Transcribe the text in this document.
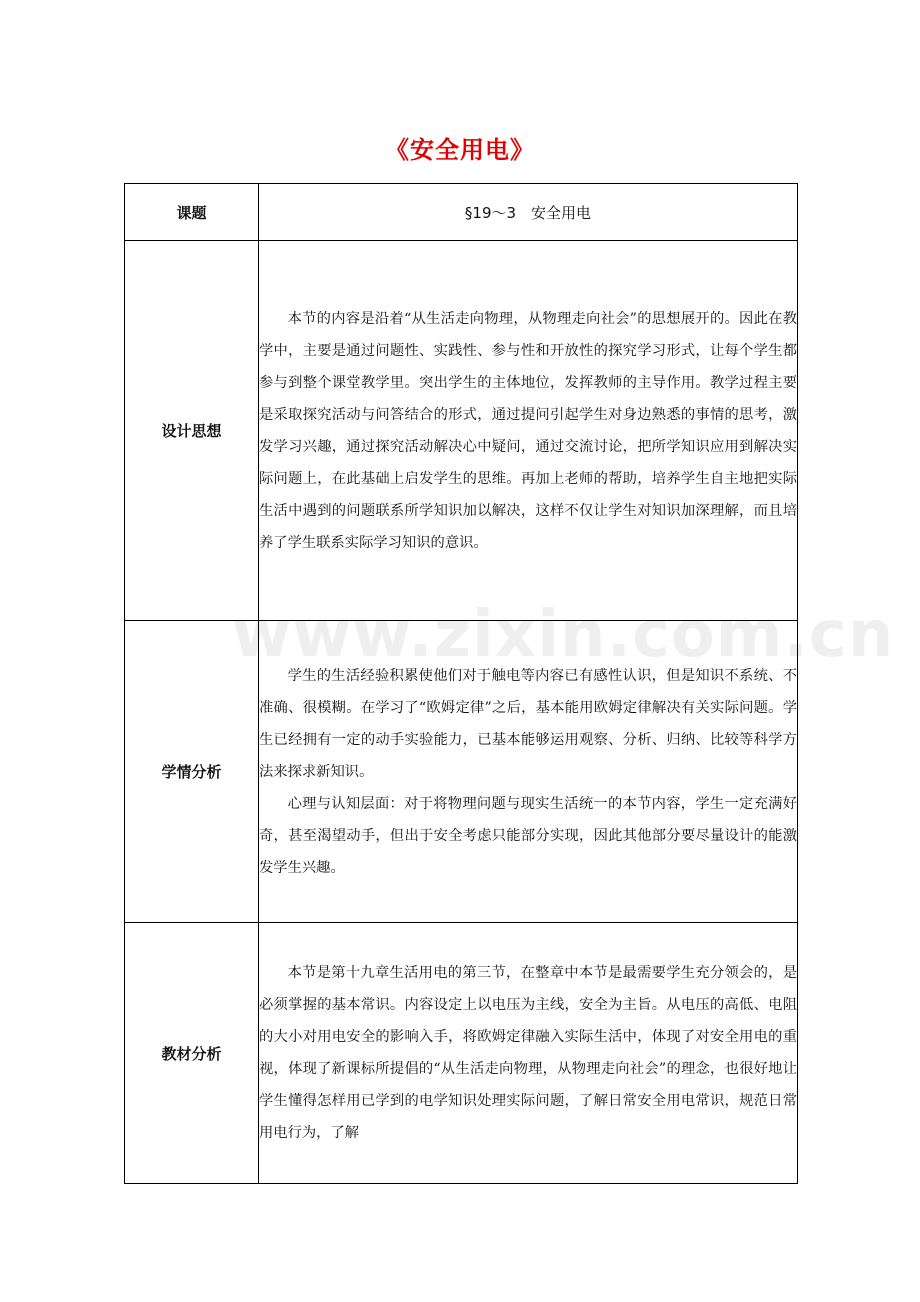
《安全用电》
www.zixin.com.cn
课题	§19～3　安全用电

设计思想	本节的内容是沿着“从生活走向物理，从物理走向社会”的思想展开的。因此在教学中，主要是通过问题性、实践性、参与性和开放性的探究学习形式，让每个学生都参与到整个课堂教学里。突出学生的主体地位，发挥教师的主导作用。教学过程主要是采取探究活动与问答结合的形式，通过提问引起学生对身边熟悉的事情的思考，激发学习兴趣，通过探究活动解决心中疑问，通过交流讨论，把所学知识应用到解决实际问题上，在此基础上启发学生的思维。再加上老师的帮助，培养学生自主地把实际生活中遇到的问题联系所学知识加以解决，这样不仅让学生对知识加深理解，而且培养了学生联系实际学习知识的意识。

学情分析	学生的生活经验积累使他们对于触电等内容已有感性认识，但是知识不系统、不准确、很模糊。在学习了“欧姆定律”之后，基本能用欧姆定律解决有关实际问题。学生已经拥有一定的动手实验能力，已基本能够运用观察、分析、归纳、比较等科学方法来探求新知识。

心理与认知层面：对于将物理问题与现实生活统一的本节内容，学生一定充满好奇，甚至渴望动手，但出于安全考虑只能部分实现，因此其他部分要尽量设计的能激发学生兴趣。

教材分析	本节是第十九章生活用电的第三节，在整章中本节是最需要学生充分领会的，是必须掌握的基本常识。内容设定上以电压为主线，安全为主旨。从电压的高低、电阻的大小对用电安全的影响入手，将欧姆定律融入实际生活中，体现了对安全用电的重视，体现了新课标所提倡的“从生活走向物理，从物理走向社会”的理念，也很好地让学生懂得怎样用已学到的电学知识处理实际问题，了解日常安全用电常识，规范日常用电行为，了解
